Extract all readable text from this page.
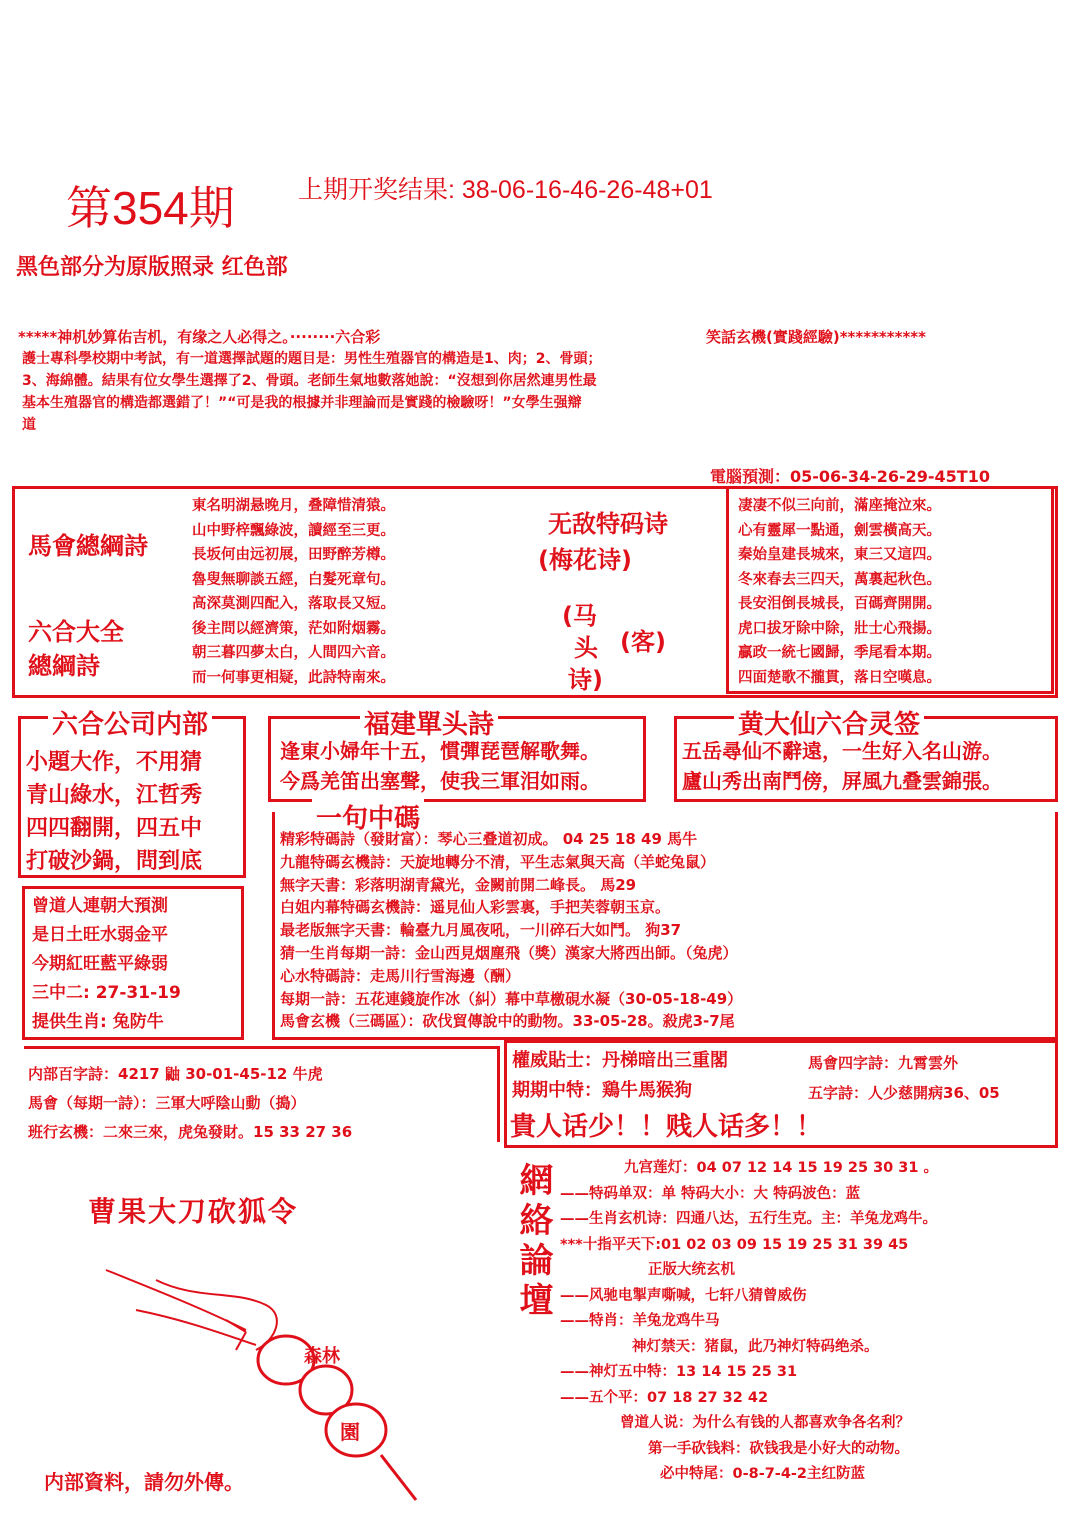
第354期	上期开奖结果: 38-06-16-46-26-48+01
黑色部分为原版照录 红色部
*****神机妙算佑吉机，有缘之人必得之。········六合彩	笑話玄機(實踐經驗)***********
護士專科學校期中考試，有一道選擇試題的題目是：男性生殖器官的構造是1、肉；2、骨頭；
3、海綿體。結果有位女學生選擇了2、骨頭。老師生氣地數落她說：“沒想到你居然連男性最
基本生殖器官的構造都選錯了！”“可是我的根據并非理論而是實踐的檢驗呀！”女學生强辯
道
電腦預測：05-06-34-26-29-45T10
馬會總綱詩
六合大全
總綱詩
東名明湖悬晚月，叠障惜清猿。
山中野梓飄綠波，讀經至三更。
長坂何由远初展，田野醉芳樽。
魯叟無聊談五經，白髮死章句。
高深莫測四配入，落取長又短。
後主問以經濟策，茫如附烟霧。
朝三暮四夢太白，人間四六音。
而一何事更相疑，此詩特南來。
无敌特码诗
(梅花诗)
(马
头
诗)
(客)
凄凄不似三向前，滿座掩泣來。
心有靈犀一點通，劍雲橫高天。
秦始皇建長城來，東三又這四。
冬來春去三四天，萬裏起秋色。
長安泪倒長城長，百碼齊開開。
虎口拔牙除中除，壯士心飛揚。
贏政一統七國歸，季尾看本期。
四面楚歌不攏貫，落日空嘆息。
六合公司内部
小題大作，不用猜
青山綠水，江哲秀
四四翻開，四五中
打破沙鍋，問到底
福建單头詩
逢東小婦年十五，慣彈琵琶解歌舞。
今爲羌笛出塞聲，使我三軍泪如雨。
黄大仙六合灵签
五岳尋仙不辭遠，一生好入名山游。
廬山秀出南鬥傍，屏風九叠雲錦張。
曾道人連朝大預測
是日土旺水弱金平
今期紅旺藍平綠弱
三中二: 27-31-19
提供生肖: 兔防牛
一句中碼
精彩特碼詩（發財富）：琴心三叠道初成。 04 25 18 49 馬牛
九龍特碼玄機詩：天旋地轉分不清，平生志氣與天高（羊蛇兔鼠）
無字天書：彩落明湖青黛光，金闕前開二峰長。 馬29
白姐内幕特碼玄機詩：遥見仙人彩雲裏，手把芙蓉朝玉京。
最老版無字天書：輪臺九月風夜吼，一川碎石大如鬥。 狗37
猜一生肖每期一詩：金山西見烟塵飛（獎）漢家大將西出師。（兔虎）
心水特碼詩：走馬川行雪海邊（酬）
每期一詩：五花連錢旋作冰（糾）幕中草檄硯水凝（30-05-18-49）
馬會玄機（三碼區）：砍伐貿傳說中的動物。33-05-28。殺虎3-7尾
内部百字詩：4217 鼬 30-01-45-12 牛虎
馬會（每期一詩）：三軍大呼陰山動（搗）
班行玄機：二來三來，虎兔發財。15 33 27 36
權威貼士：丹梯暗出三重閣
期期中特：鶏牛馬猴狗
馬會四字詩：九霄雲外
五字詩：人少慈開病36、05
貴人话少！！贱人话多！！
曹果大刀砍狐令
森林
園
内部資料，請勿外傳。
網絡論壇	九宫莲灯：04 07 12 14 15 19 25 30 31 。
——特码单双：单 特码大小：大 特码波色：蓝
——生肖玄机诗：四通八达，五行生克。主：羊兔龙鸡牛。
***十指平天下:01 02 03 09 15 19 25 31 39 45
正版大统玄机
——风驰电掣声嘶喊，七轩八猜曾威伤
——特肖：羊兔龙鸡牛马
神灯禁天：猪鼠，此乃神灯特码绝杀。
——神灯五中特：13 14 15 25 31
——五个平：07 18 27 32 42
曾道人说：为什么有钱的人都喜欢争各名利？
第一手砍钱料：砍钱我是小好大的动物。
必中特尾：0-8-7-4-2主红防蓝
